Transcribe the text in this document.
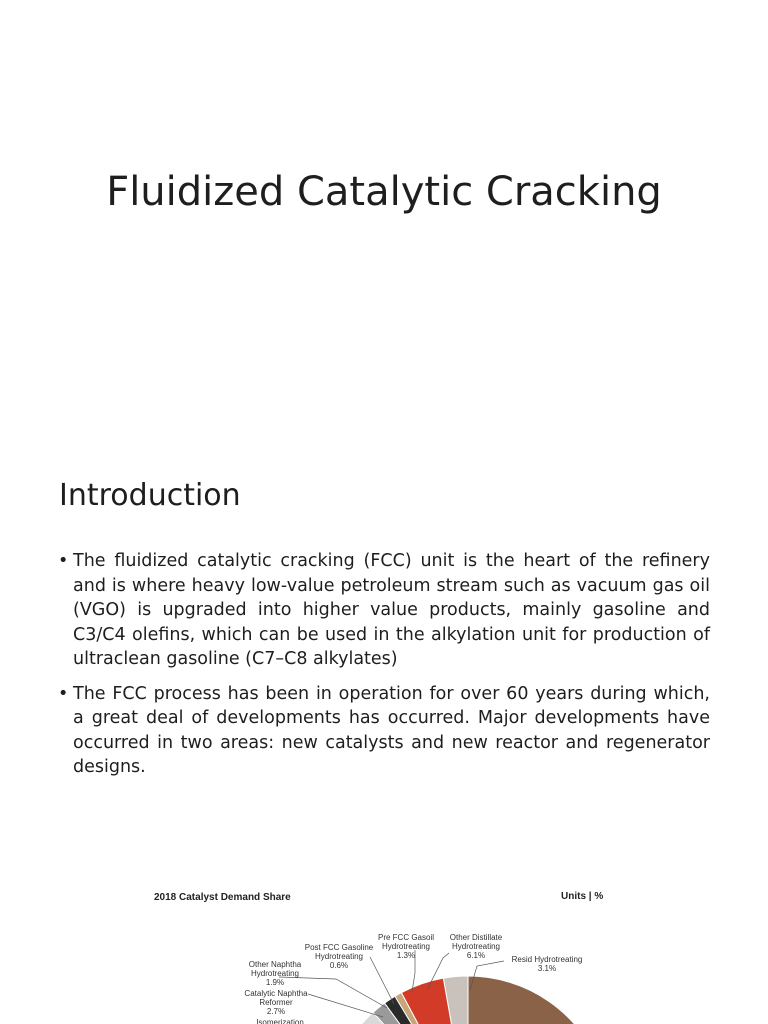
Fluidized Catalytic Cracking
Introduction
• The fluidized catalytic cracking (FCC) unit is the heart of the refinery and is where heavy low-value petroleum stream such as vacuum gas oil (VGO) is upgraded into higher value products, mainly gasoline and C3/C4 olefins, which can be used in the alkylation unit for production of ultraclean gasoline (C7–C8 alkylates)
• The FCC process has been in operation for over 60 years during which, a great deal of developments has occurred. Major developments have occurred in two areas: new catalysts and new reactor and regenerator designs.
2018 Catalyst Demand Share	Units | %
Resid Hydrotreating
3.1%
Other Distillate
Hydrotreating
6.1%
Pre FCC Gasoil
Hydrotreating
1.3%
Post FCC Gasoline
Hydrotreating
0.6%
Other Naphtha
Hydrotreating
1.9%
Catalytic Naphtha
Reformer
2.7%
Isomerization
